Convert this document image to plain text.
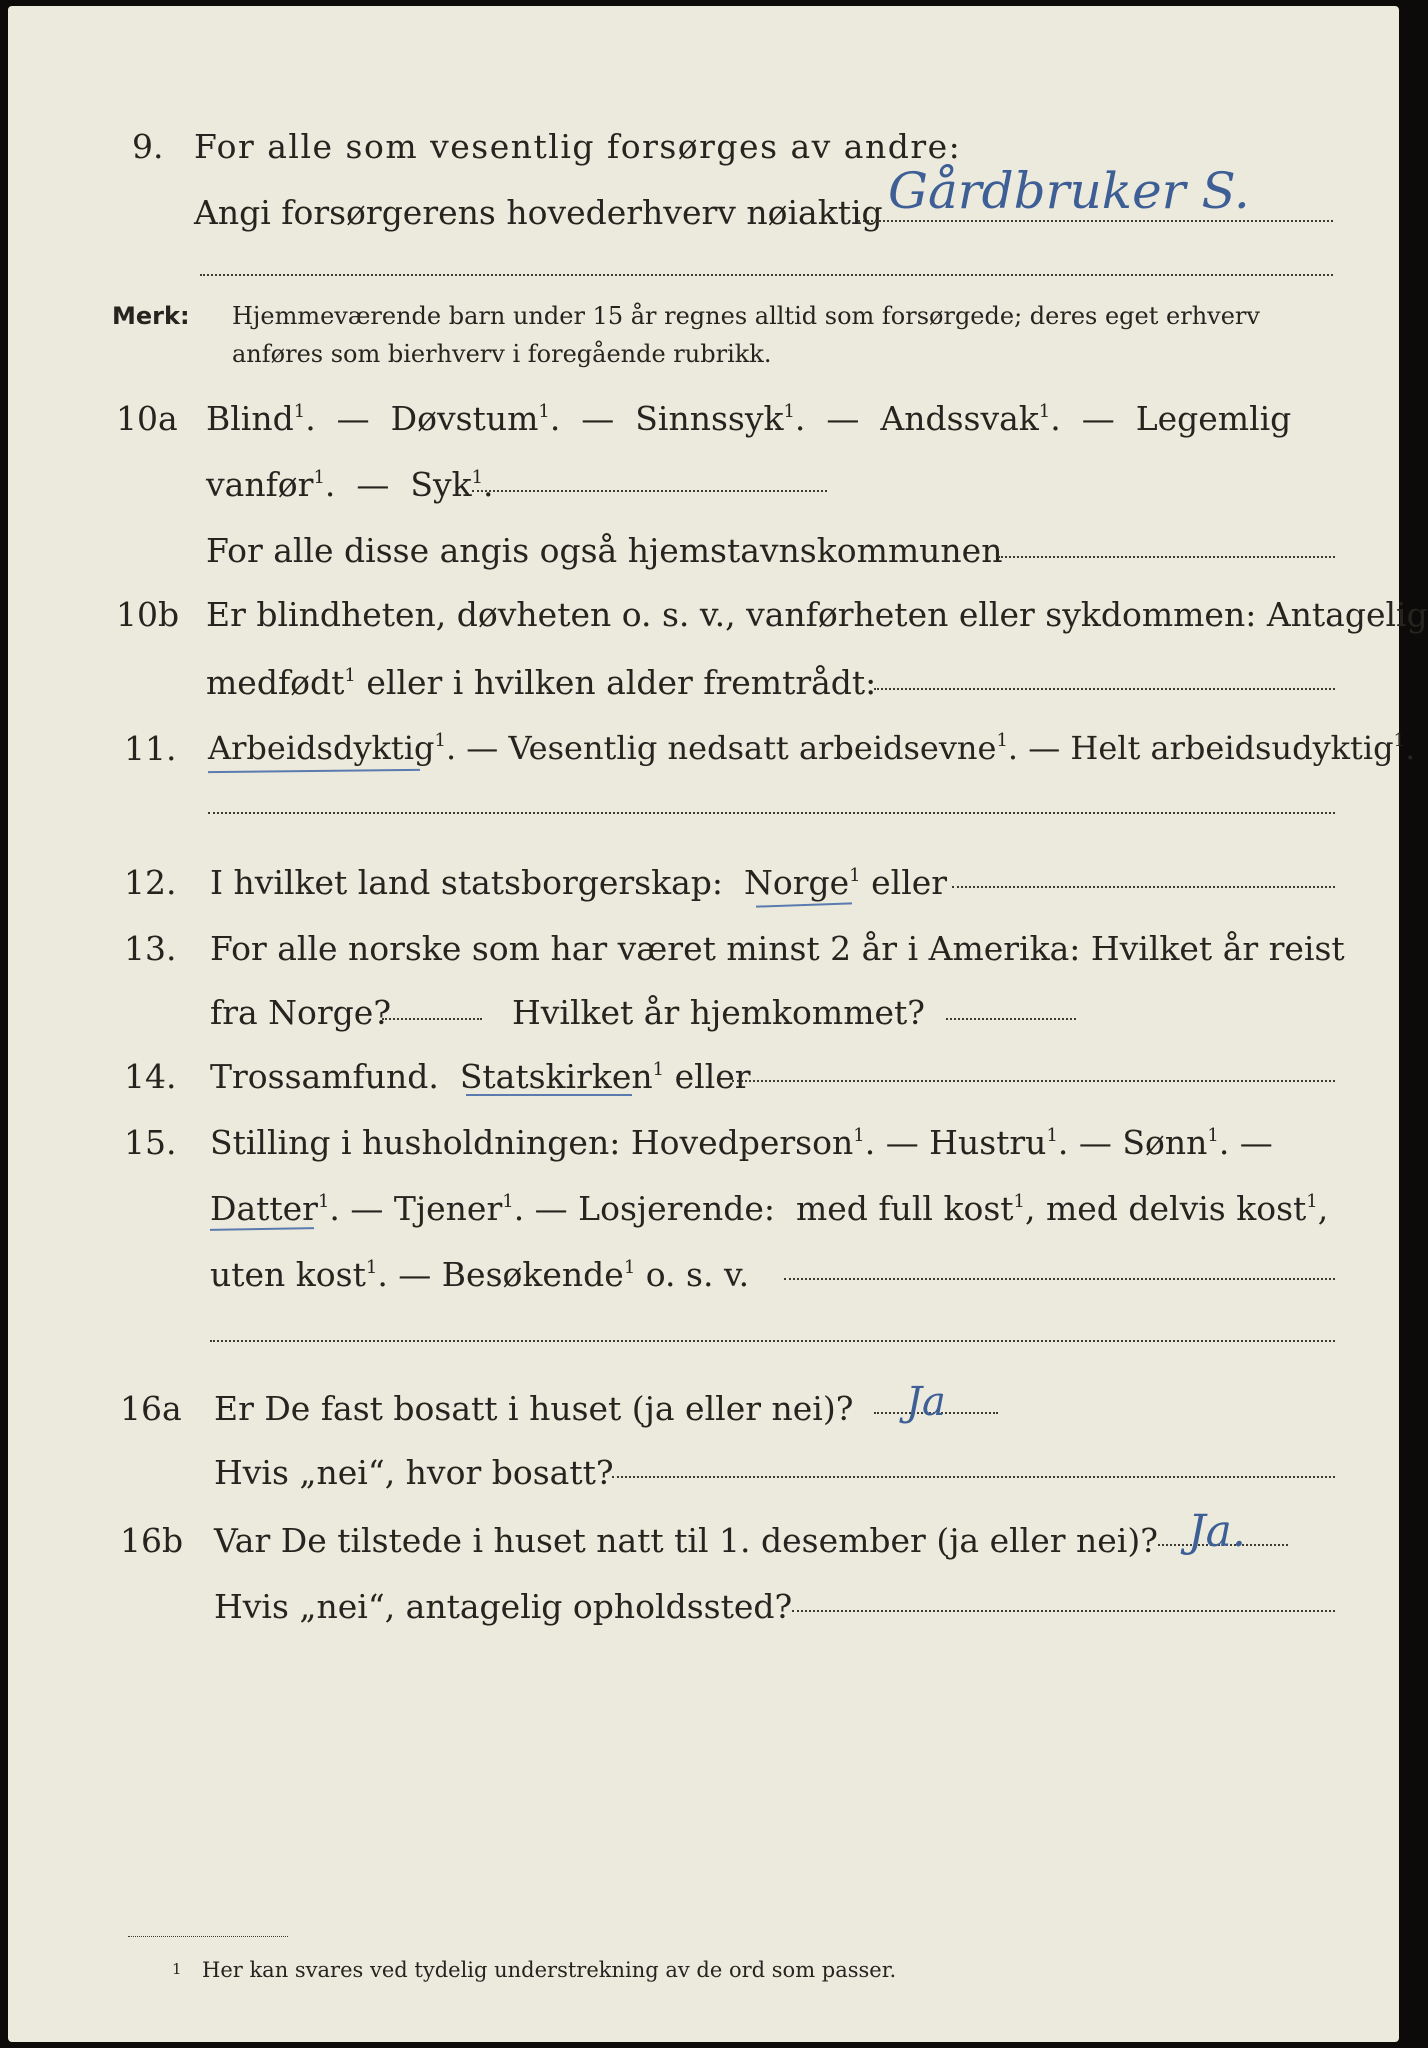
9. For alle som vesentlig forsørges av andre:
Angi forsørgerens hovederhverv nøiaktig Gårdbruker S.
Merk: Hjemmeværende barn under 15 år regnes alltid som forsørgede; deres eget erhverv
anføres som bierhverv i foregående rubrikk.
10a Blind$^1$.  —  Døvstum$^1$.  —  Sinnssyk$^1$.  —  Andssvak$^1$.  —  Legemlig
vanfør$^1$.  —  Syk$^1$.
For alle disse angis også hjemstavnskommunen
10b Er blindheten, døvheten o. s. v., vanførheten eller sykdommen: Antagelig
medfødt$^1$ eller i hvilken alder fremtrådt:
11. Arbeidsdyktig$^1$. — Vesentlig nedsatt arbeidsevne$^1$. — Helt arbeidsudyktig$^1$.
12. I hvilket land statsborgerskap: Norge$^1$ eller
13. For alle norske som har været minst 2 år i Amerika: Hvilket år reist
fra Norge?	Hvilket år hjemkommet?
14. Trossamfund. Statskirken$^1$ eller
15. Stilling i husholdningen: Hovedperson$^1$. — Hustru$^1$. — Sønn$^1$. —
Datter$^1$. — Tjener$^1$. — Losjerende: med full kost$^1$, med delvis kost$^1$,
uten kost$^1$. — Besøkende$^1$ o. s. v.
16a Er De fast bosatt i huset (ja eller nei)? Ja
Hvis „nei“, hvor bosatt?
16b Var De tilstede i huset natt til 1. desember (ja eller nei)? Ja.
Hvis „nei“, antagelig opholdssted?
1 Her kan svares ved tydelig understrekning av de ord som passer.
